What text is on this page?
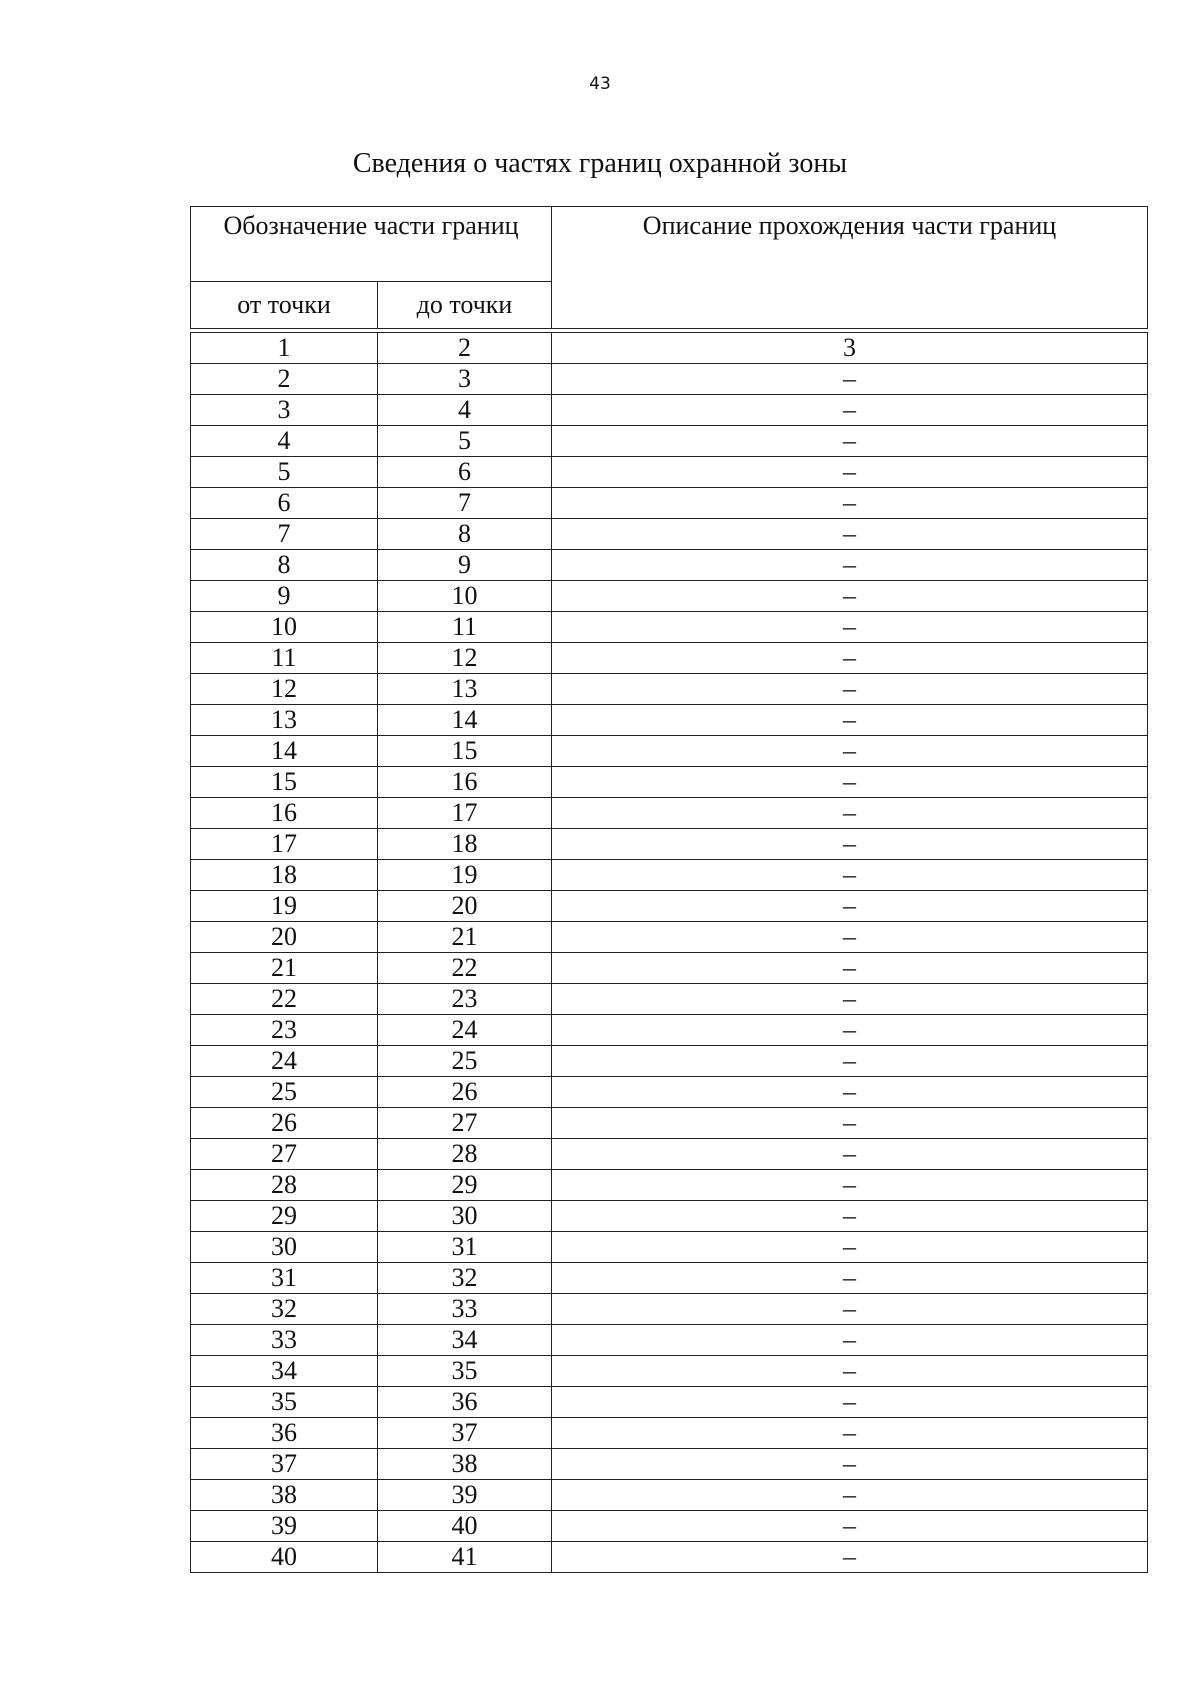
43
Сведения о частях границ охранной зоны
Обозначение части границ		Описание прохождения части границ
от точки	до точки	

1	2	3
2	3	–
3	4	–
4	5	–
5	6	–
6	7	–
7	8	–
8	9	–
9	10	–
10	11	–
11	12	–
12	13	–
13	14	–
14	15	–
15	16	–
16	17	–
17	18	–
18	19	–
19	20	–
20	21	–
21	22	–
22	23	–
23	24	–
24	25	–
25	26	–
26	27	–
27	28	–
28	29	–
29	30	–
30	31	–
31	32	–
32	33	–
33	34	–
34	35	–
35	36	–
36	37	–
37	38	–
38	39	–
39	40	–
40	41	–
